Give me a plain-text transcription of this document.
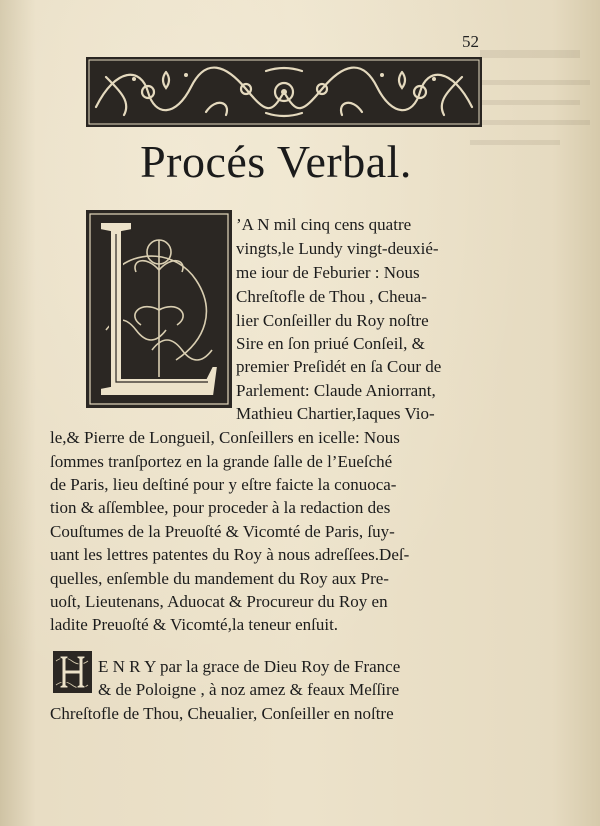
52
Procés Verbal.
’A N mil cinq cens quatre
vingts,le Lundy vingt-deuxié-
me iour de Feburier : Nous
Chreſtofle de Thou , Cheua-
lier Conſeiller du Roy noſtre
Sire en ſon priué Conſeil, &
premier Preſidét en ſa Cour de
Parlement: Claude Aniorrant,
Mathieu Chartier,Iaques Vio-
le,& Pierre de Longueil, Conſeillers en icelle: Nous
ſommes tranſportez en la grande ſalle de l’Eueſché
de Paris, lieu deſtiné pour y eſtre faicte la conuoca-
tion & aſſemblee, pour proceder à la redaction des
Couſtumes de la Preuoſté & Vicomté de Paris, ſuy-
uant les lettres patentes du Roy à nous adreſſees.Deſ-
quelles, enſemble du mandement du Roy aux Pre-
uoſt, Lieutenans, Aduocat & Procureur du Roy en
ladite Preuoſté & Vicomté,la teneur enſuit.
E N R Y par la grace de Dieu Roy de France
& de Poloigne , à noz amez & feaux Meſſire
Chreſtofle de Thou, Cheualier, Conſeiller en noſtre
